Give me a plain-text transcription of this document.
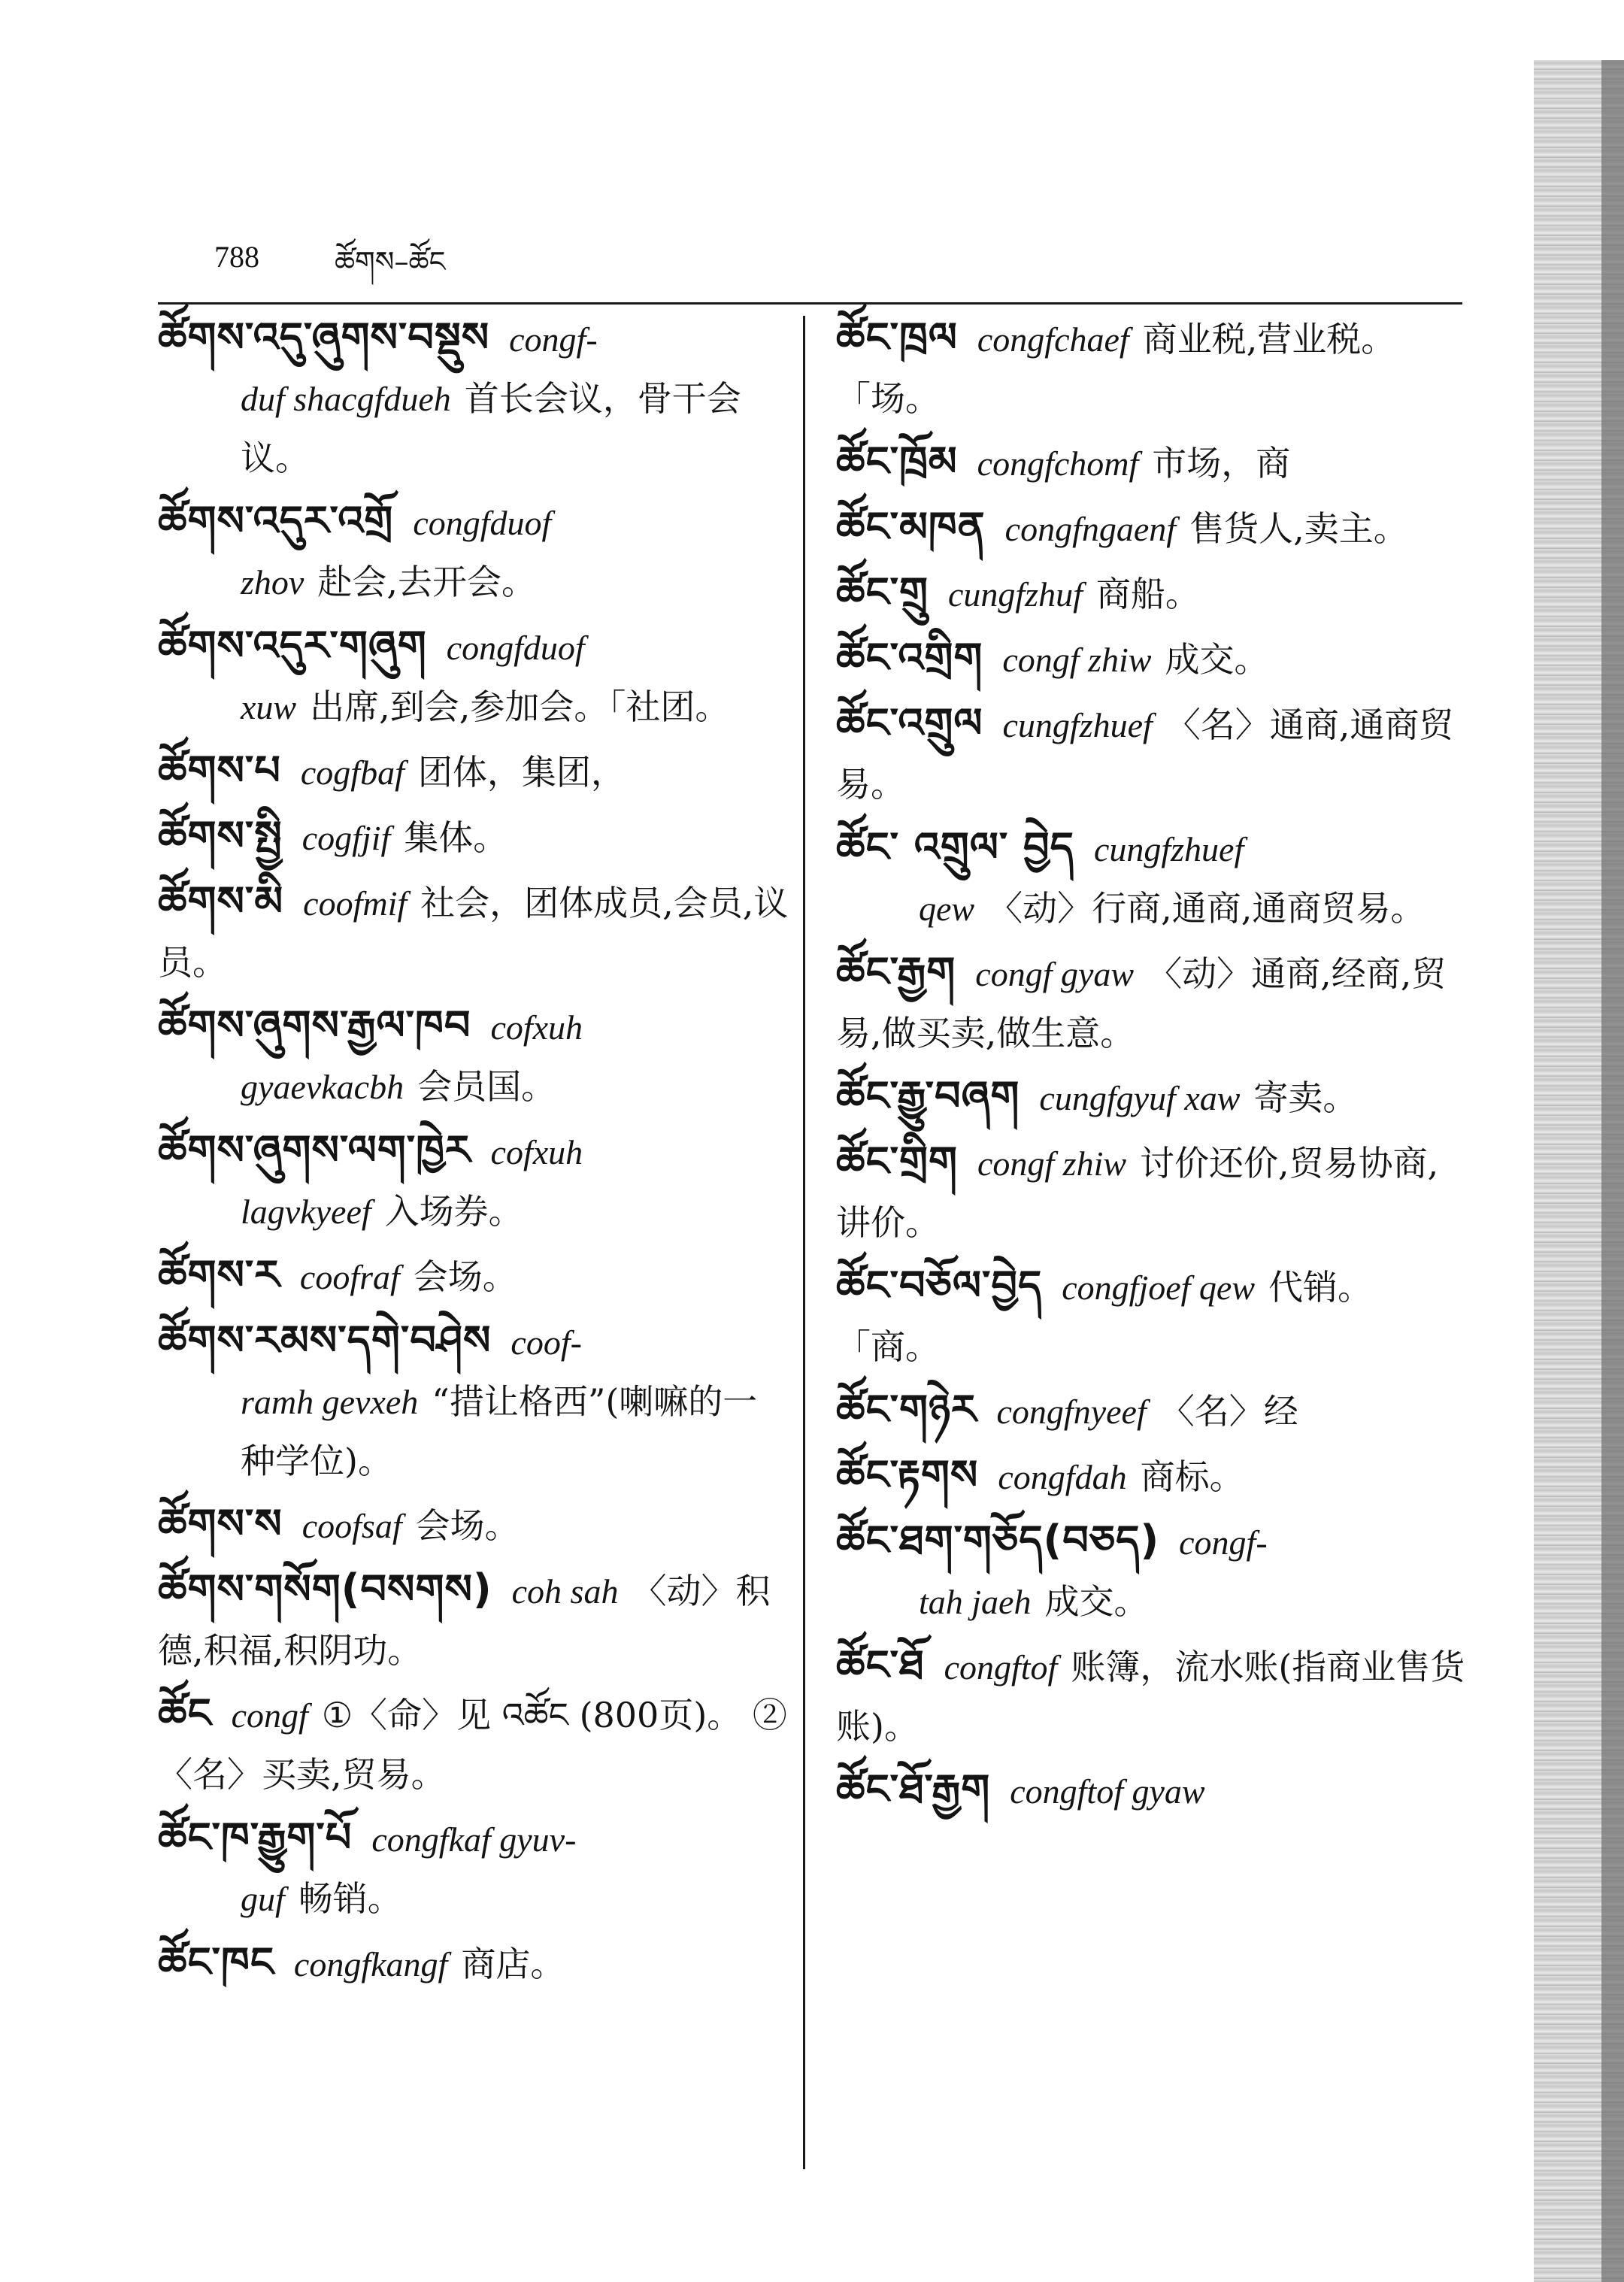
788	ཚོགས–ཚོང
ཚོགས་འདུ་ཞུགས་བསྡུས congf-
duf shacgfdueh 首长会议，骨干会议。
ཚོགས་འདུར་འགྲོ congfduof
zhov 赴会,去开会。
ཚོགས་འདུར་གཞུག congfduof
xuw 出席,到会,参加会。「社团。
ཚོགས་པ cogfbaf 团体，集团，
ཚོགས་སྤྱི cogfjif 集体。
ཚོགས་མི coofmif 社会，团体成员,会员,议员。
ཚོགས་ཞུགས་རྒྱལ་ཁབ cofxuh
gyaevkacbh 会员国。
ཚོགས་ཞུགས་ལག་ཁྱེར cofxuh
lagvkyeef 入场券。
ཚོགས་ར coofraf 会场。
ཚོགས་རམས་དགེ་བཤེས coof-
ramh gevxeh “措让格西”(喇嘛的一种学位)。
ཚོགས་ས coofsaf 会场。
ཚོགས་གསོག(བསགས) coh sah 〈动〉积德,积福,积阴功。
ཚོང congf ①〈命〉见 འཚོང (800页)。 ②〈名〉买卖,贸易。
ཚོང་ཁ་རྒྱུག་པོ congfkaf gyuv-
guf 畅销。
ཚོང་ཁང congfkangf 商店。
ཚོང་ཁྲལ congfchaef 商业税,营业税。 「场。
ཚོང་ཁྲོམ congfchomf 市场，商
ཚོང་མཁན congfngaenf 售货人,卖主。
ཚོང་གྲུ cungfzhuf 商船。
ཚོང་འགྲིག congf zhiw 成交。
ཚོང་འགྲུལ cungfzhuef 〈名〉通商,通商贸易。
ཚོང་ འགྲུལ་ བྱེད cungfzhuef
qew 〈动〉行商,通商,通商贸易。
ཚོང་རྒྱག congf gyaw 〈动〉通商,经商,贸易,做买卖,做生意。
ཚོང་རྒྱུ་བཞག cungfgyuf xaw 寄卖。
ཚོང་གྲིག congf zhiw 讨价还价,贸易协商,讲价。
ཚོང་བཅོལ་བྱེད congfjoef qew 代销。 「商。
ཚོང་གཉེར congfnyeef 〈名〉经
ཚོང་རྟགས congfdah 商标。
ཚོང་ཐག་གཅོད(བཅད) congf-
tah jaeh 成交。
ཚོང་ཐོ congftof 账簿，流水账(指商业售货账)。
ཚོང་ཐོ་རྒྱག congftof gyaw
